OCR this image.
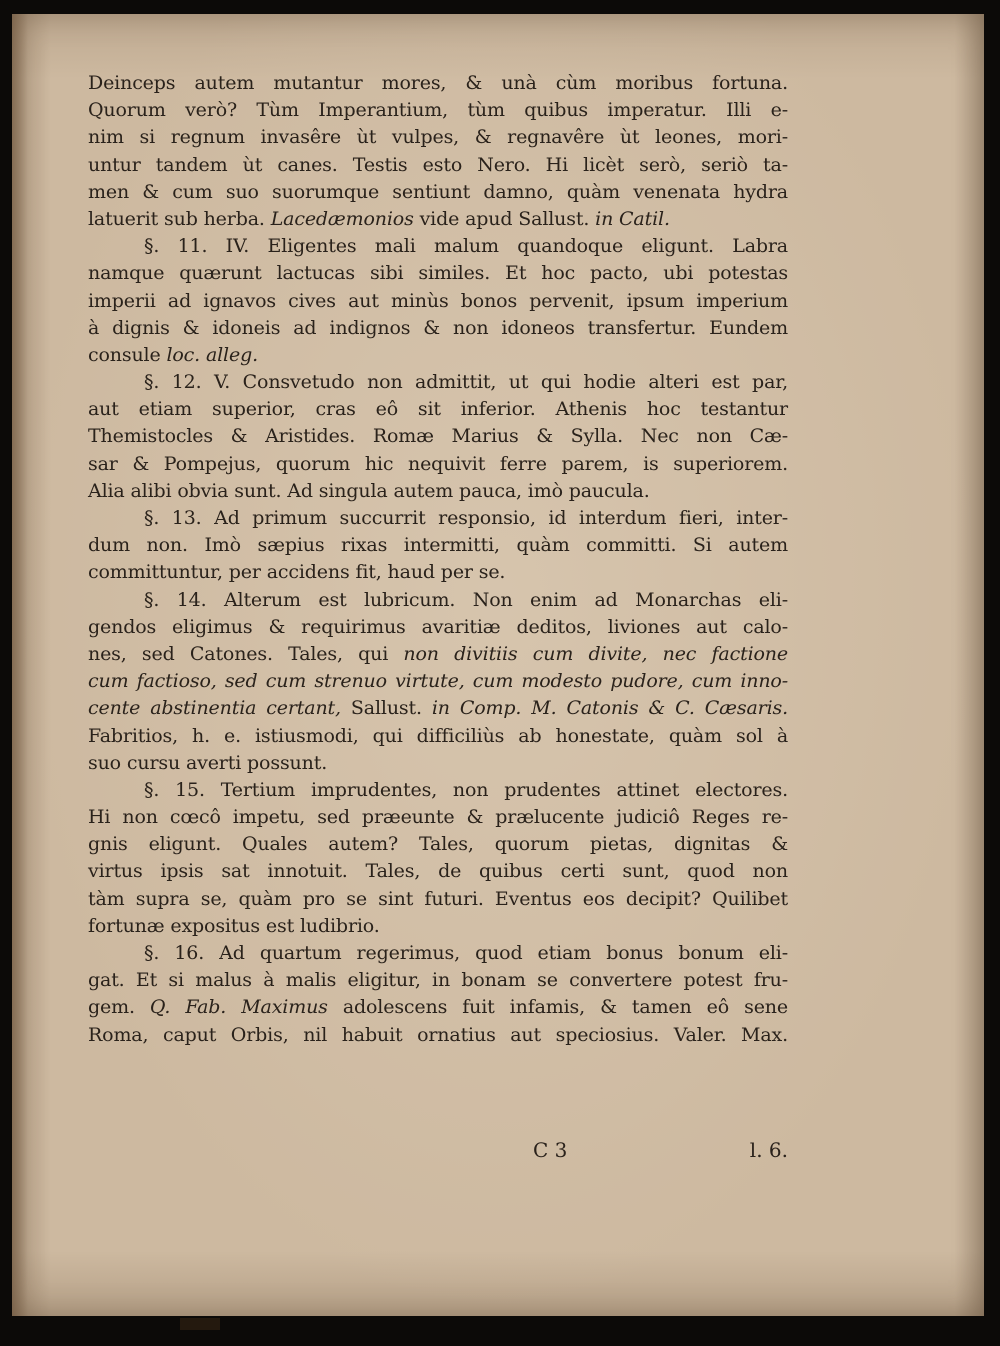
Deinceps autem mutantur mores, & unà cùm moribus fortuna.
Quorum verò? Tùm Imperantium, tùm quibus imperatur. Illi e-
nim si regnum invasêre ùt vulpes, & regnavêre ùt leones, mori-
untur tandem ùt canes. Testis esto Nero. Hi licèt serò, seriò ta-
men & cum suo suorumque sentiunt damno, quàm venenata hydra
latuerit sub herba. Lacedæmonios vide apud Sallust. in Catil.
§. 11. IV. Eligentes mali malum quandoque eligunt. Labra
namque quærunt lactucas sibi similes. Et hoc pacto, ubi potestas
imperii ad ignavos cives aut minùs bonos pervenit, ipsum imperium
à dignis & idoneis ad indignos & non idoneos transfertur. Eundem
consule loc. alleg.
§. 12. V. Consvetudo non admittit, ut qui hodie alteri est par,
aut etiam superior, cras eô sit inferior. Athenis hoc testantur
Themistocles & Aristides. Romæ Marius & Sylla. Nec non Cæ-
sar & Pompejus, quorum hic nequivit ferre parem, is superiorem.
Alia alibi obvia sunt. Ad singula autem pauca, imò paucula.
§. 13. Ad primum succurrit responsio, id interdum fieri, inter-
dum non. Imò sæpius rixas intermitti, quàm committi. Si autem
committuntur, per accidens fit, haud per se.
§. 14. Alterum est lubricum. Non enim ad Monarchas eli-
gendos eligimus & requirimus avaritiæ deditos, liviones aut calo-
nes, sed Catones. Tales, qui non divitiis cum divite, nec factione
cum factioso, sed cum strenuo virtute, cum modesto pudore, cum inno-
cente abstinentia certant, Sallust. in Comp. M. Catonis & C. Cæsaris.
Fabritios, h. e. istiusmodi, qui difficiliùs ab honestate, quàm sol à
suo cursu averti possunt.
§. 15. Tertium imprudentes, non prudentes attinet electores.
Hi non cœcô impetu, sed præeunte & prælucente judiciô Reges re-
gnis eligunt. Quales autem? Tales, quorum pietas, dignitas &
virtus ipsis sat innotuit. Tales, de quibus certi sunt, quod non
tàm supra se, quàm pro se sint futuri. Eventus eos decipit? Quilibet
fortunæ expositus est ludibrio.
§. 16. Ad quartum regerimus, quod etiam bonus bonum eli-
gat. Et si malus à malis eligitur, in bonam se convertere potest fru-
gem. Q. Fab. Maximus adolescens fuit infamis, & tamen eô sene
Roma, caput Orbis, nil habuit ornatius aut speciosius. Valer. Max.
C 3	l. 6.
